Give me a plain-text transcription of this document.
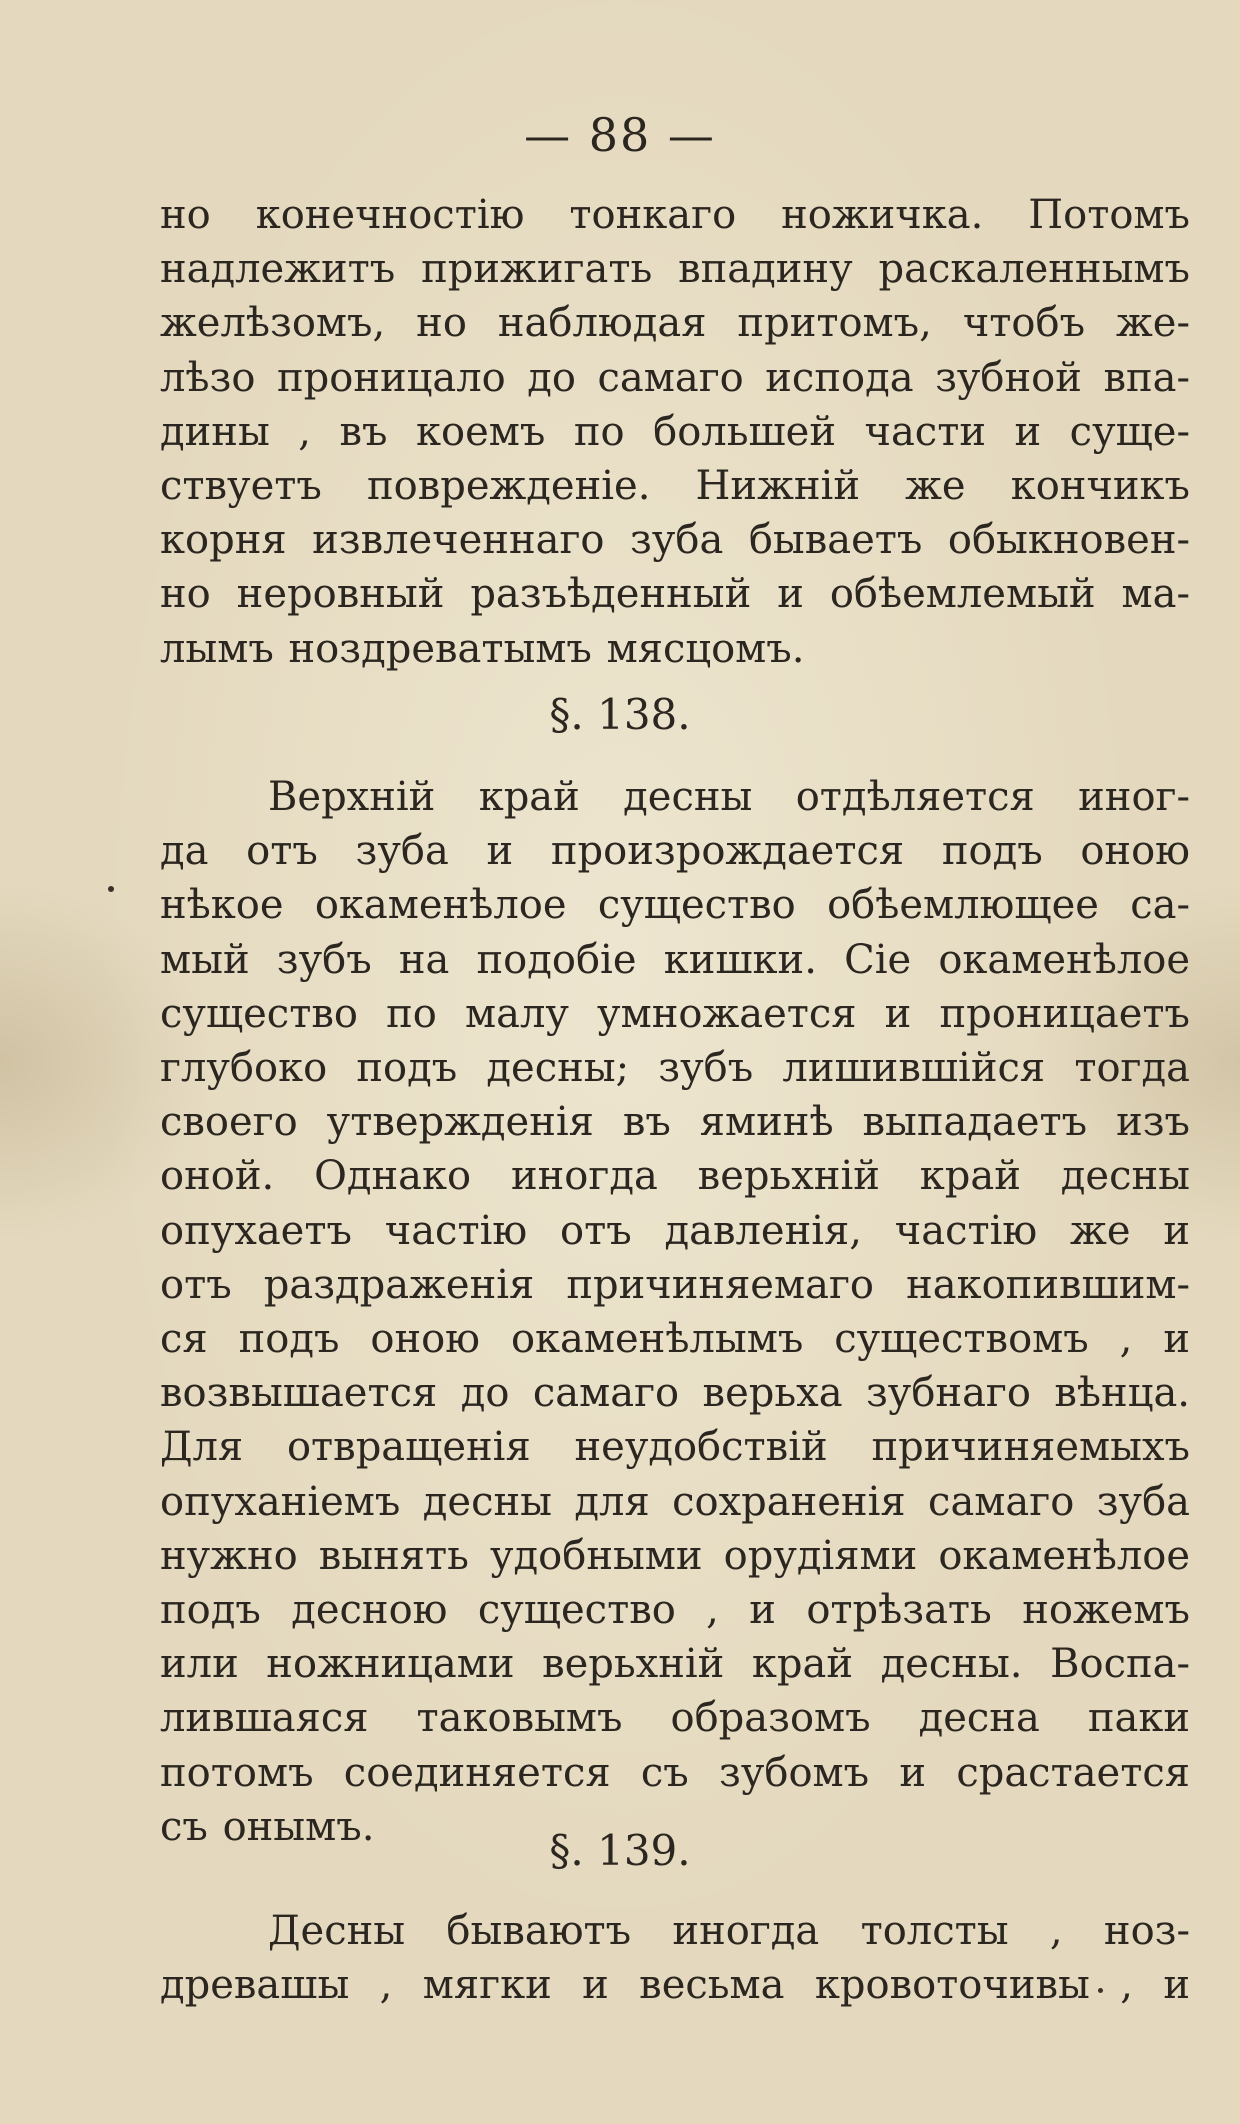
— 88 —

но конечностію тонкаго ножичка. Потомъ
надлежитъ прижигать впадину раскаленнымъ
желѣзомъ, но наблюдая притомъ, чтобъ же-
лѣзо проницало до самаго испода зубной впа-
дины , въ коемъ по большей части и суще-
ствуетъ поврежденіе. Нижній же кончикъ
корня извлеченнаго зуба бываетъ обыкновен-
но неровный разъѣденный и обѣемлемый ма-
лымъ ноздреватымъ мясцомъ.

§. 138.

Верхній край десны отдѣляется иног-
да отъ зуба и произрождается подъ оною
нѣкое окаменѣлое существо обѣемлющее са-
мый зубъ на подобіе кишки. Сіе окаменѣлое
существо по малу умножается и проницаетъ
глубоко подъ десны; зубъ лишившійся тогда
своего утвержденія въ яминѣ выпадаетъ изъ
оной. Однако иногда верьхній край десны
опухаетъ частію отъ давленія, частію же и
отъ раздраженія причиняемаго накопившим-
ся подъ оною окаменѣлымъ существомъ , и
возвышается до самаго верьха зубнаго вѣнца.
Для отвращенія неудобствій причиняемыхъ
опуханіемъ десны для сохраненія самаго зуба
нужно вынять удобными орудіями окаменѣлое
подъ десною существо , и отрѣзать ножемъ
или ножницами верьхній край десны. Воспа-
лившаяся таковымъ образомъ десна паки
потомъ соединяется съ зубомъ и срастается
съ онымъ.	§. 139.

Десны бываютъ иногда толсты , ноз-
древашы , мягки и весьма кровоточивы , и
